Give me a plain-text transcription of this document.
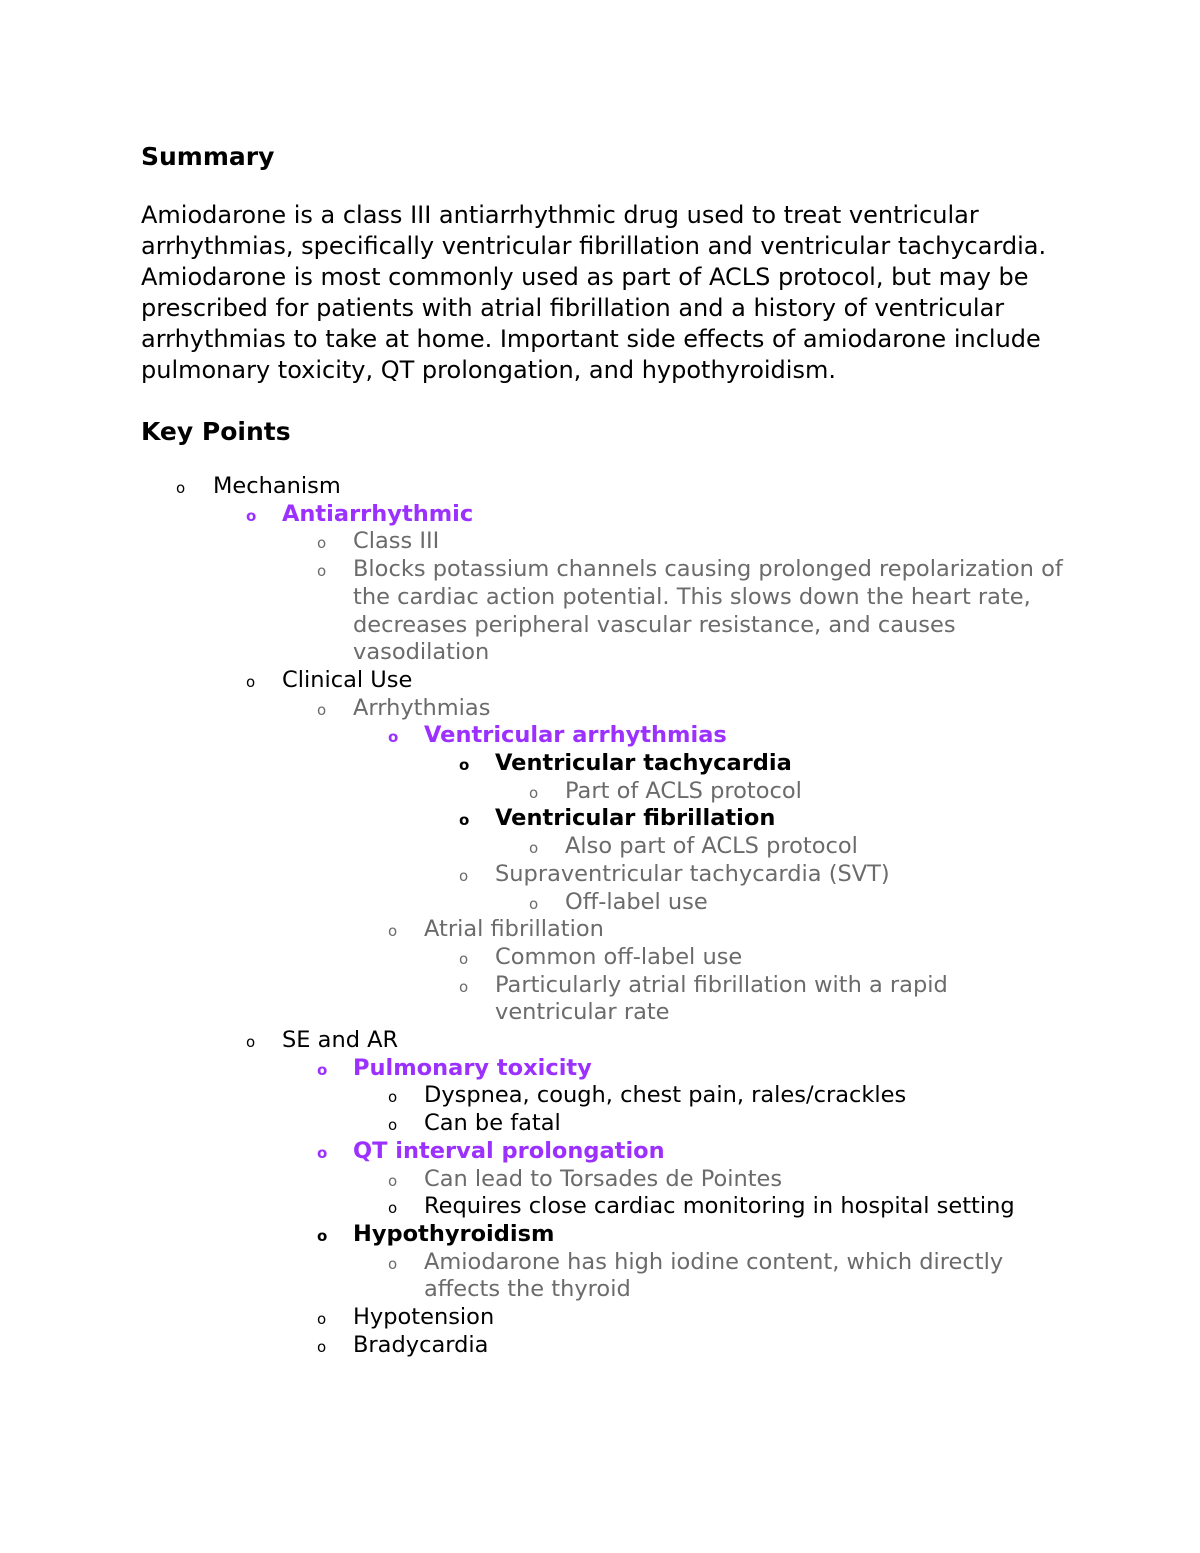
Summary

Amiodarone is a class III antiarrhythmic drug used to treat ventricular arrhythmias, specifically ventricular fibrillation and ventricular tachycardia. Amiodarone is most commonly used as part of ACLS protocol, but may be prescribed for patients with atrial fibrillation and a history of ventricular arrhythmias to take at home. Important side effects of amiodarone include pulmonary toxicity, QT prolongation, and hypothyroidism.

Key Points
o Mechanism
o Antiarrhythmic
o Class III
o Blocks potassium channels causing prolonged repolarization of the cardiac action potential. This slows down the heart rate, decreases peripheral vascular resistance, and causes vasodilation
o Clinical Use
o Arrhythmias
o Ventricular arrhythmias
o Ventricular tachycardia
o Part of ACLS protocol
o Ventricular fibrillation
o Also part of ACLS protocol
o Supraventricular tachycardia (SVT)
o Off-label use
o Atrial fibrillation
o Common off-label use
o Particularly atrial fibrillation with a rapid ventricular rate
o SE and AR
o Pulmonary toxicity
o Dyspnea, cough, chest pain, rales/crackles
o Can be fatal
o QT interval prolongation
o Can lead to Torsades de Pointes
o Requires close cardiac monitoring in hospital setting
o Hypothyroidism
o Amiodarone has high iodine content, which directly affects the thyroid
o Hypotension
o Bradycardia
